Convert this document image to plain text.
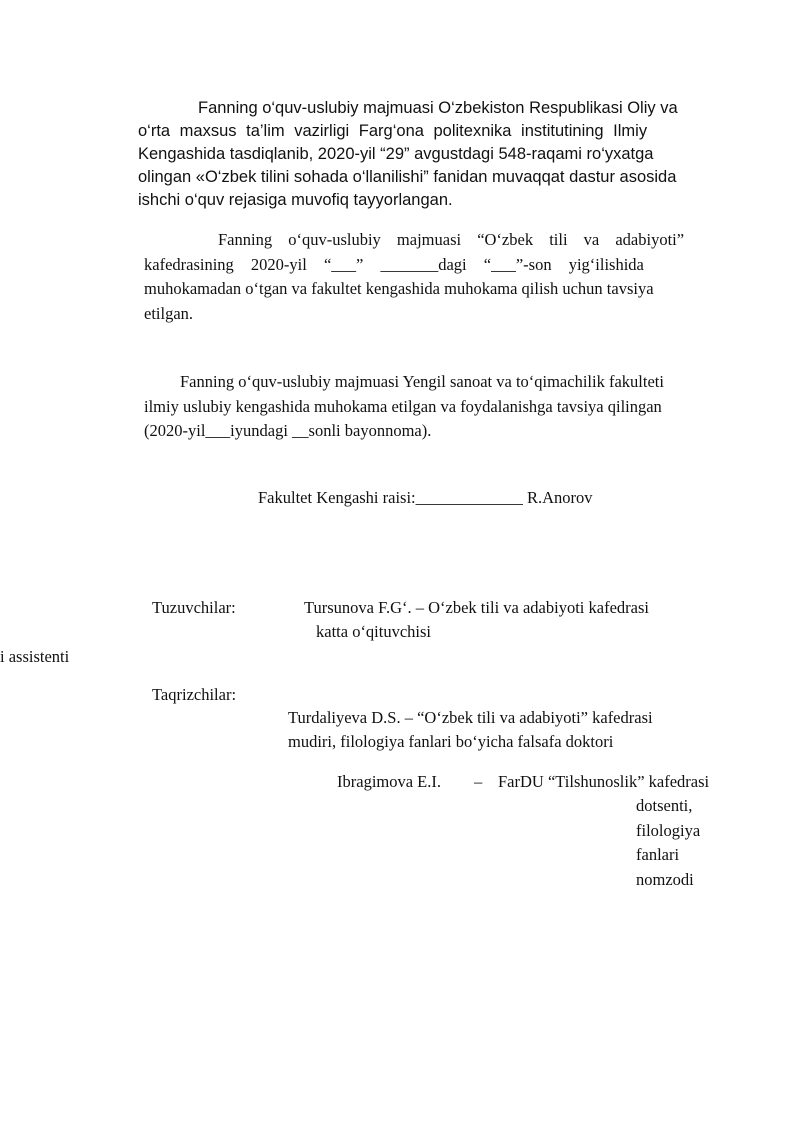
Fanning o‘quv-uslubiy majmuasi O‘zbekiston Respublikasi Oliy va
o‘rta maxsus ta’lim vazirligi Farg‘ona politexnika institutining Ilmiy
Kengashida tasdiqlanib, 2020-yil “29” avgustdagi 548-raqami ro‘yxatga
olingan «O‘zbek tilini sohada o‘llanilishi” fanidan muvaqqat dastur asosida
ishchi o‘quv rejasiga muvofiq tayyorlangan.
Fanning o‘quv-uslubiy majmuasi “O‘zbek tili va adabiyoti”
kafedrasining 2020-yil “___” _______dagi “___”-son yig‘ilishida
muhokamadan o‘tgan va fakultet kengashida muhokama qilish uchun tavsiya
etilgan.
Fanning o‘quv-uslubiy majmuasi Yengil sanoat va to‘qimachilik fakulteti
ilmiy uslubiy kengashida muhokama etilgan va foydalanishga tavsiya qilingan
(2020-yil___iyundagi __sonli bayonnoma).
Fakultet Kengashi raisi:_____________ R.Anorov
Tuzuvchilar:	Tursunova F.G‘. – O‘zbek tili va adabiyoti kafedrasi
katta o‘qituvchisi
i assistenti
Taqrizchilar:
Turdaliyeva D.S. – “O‘zbek tili va adabiyoti” kafedrasi
mudiri, filologiya fanlari bo‘yicha falsafa doktori
Ibragimova E.I. – FarDU “Tilshunoslik” kafedrasi
dotsenti,
filologiya
fanlari
nomzodi
